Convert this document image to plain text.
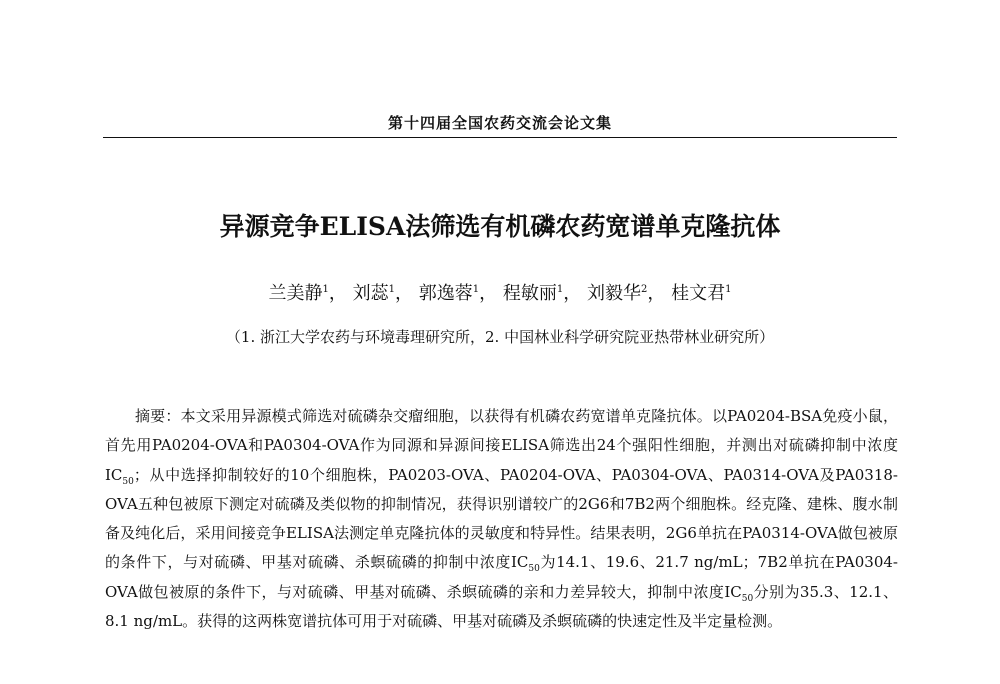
第十四届全国农药交流会论文集
异源竞争ELISA法筛选有机磷农药宽谱单克隆抗体
兰美静$^1$， 刘蕊$^1$， 郭逸蓉$^1$， 程敏丽$^1$， 刘毅华$^2$， 桂文君$^1$
（1. 浙江大学农药与环境毒理研究所，2. 中国林业科学研究院亚热带林业研究所）

摘要：本文采用异源模式筛选对硫磷杂交瘤细胞，以获得有机磷农药宽谱单克隆抗体。以PA0204-BSA免疫小鼠，首先用PA0204-OVA和PA0304-OVA作为同源和异源间接ELISA筛选出24个强阳性细胞，并测出对硫磷抑制中浓度$IC_{50}$；从中选择抑制较好的10个细胞株，PA0203-OVA、PA0204-OVA、PA0304-OVA、PA0314-OVA及PA0318-OVA五种包被原下测定对硫磷及类似物的抑制情况，获得识别谱较广的2G6和7B2两个细胞株。经克隆、建株、腹水制备及纯化后，采用间接竞争ELISA法测定单克隆抗体的灵敏度和特异性。结果表明，2G6单抗在PA0314-OVA做包被原的条件下，与对硫磷、甲基对硫磷、杀螟硫磷的抑制中浓度$IC_{50}$为14.1、19.6、21.7 ng/mL；7B2单抗在PA0304-OVA做包被原的条件下，与对硫磷、甲基对硫磷、杀螟硫磷的亲和力差异较大，抑制中浓度$IC_{50}$分别为35.3、12.1、8.1 ng/mL。获得的这两株宽谱抗体可用于对硫磷、甲基对硫磷及杀螟硫磷的快速定性及半定量检测。
